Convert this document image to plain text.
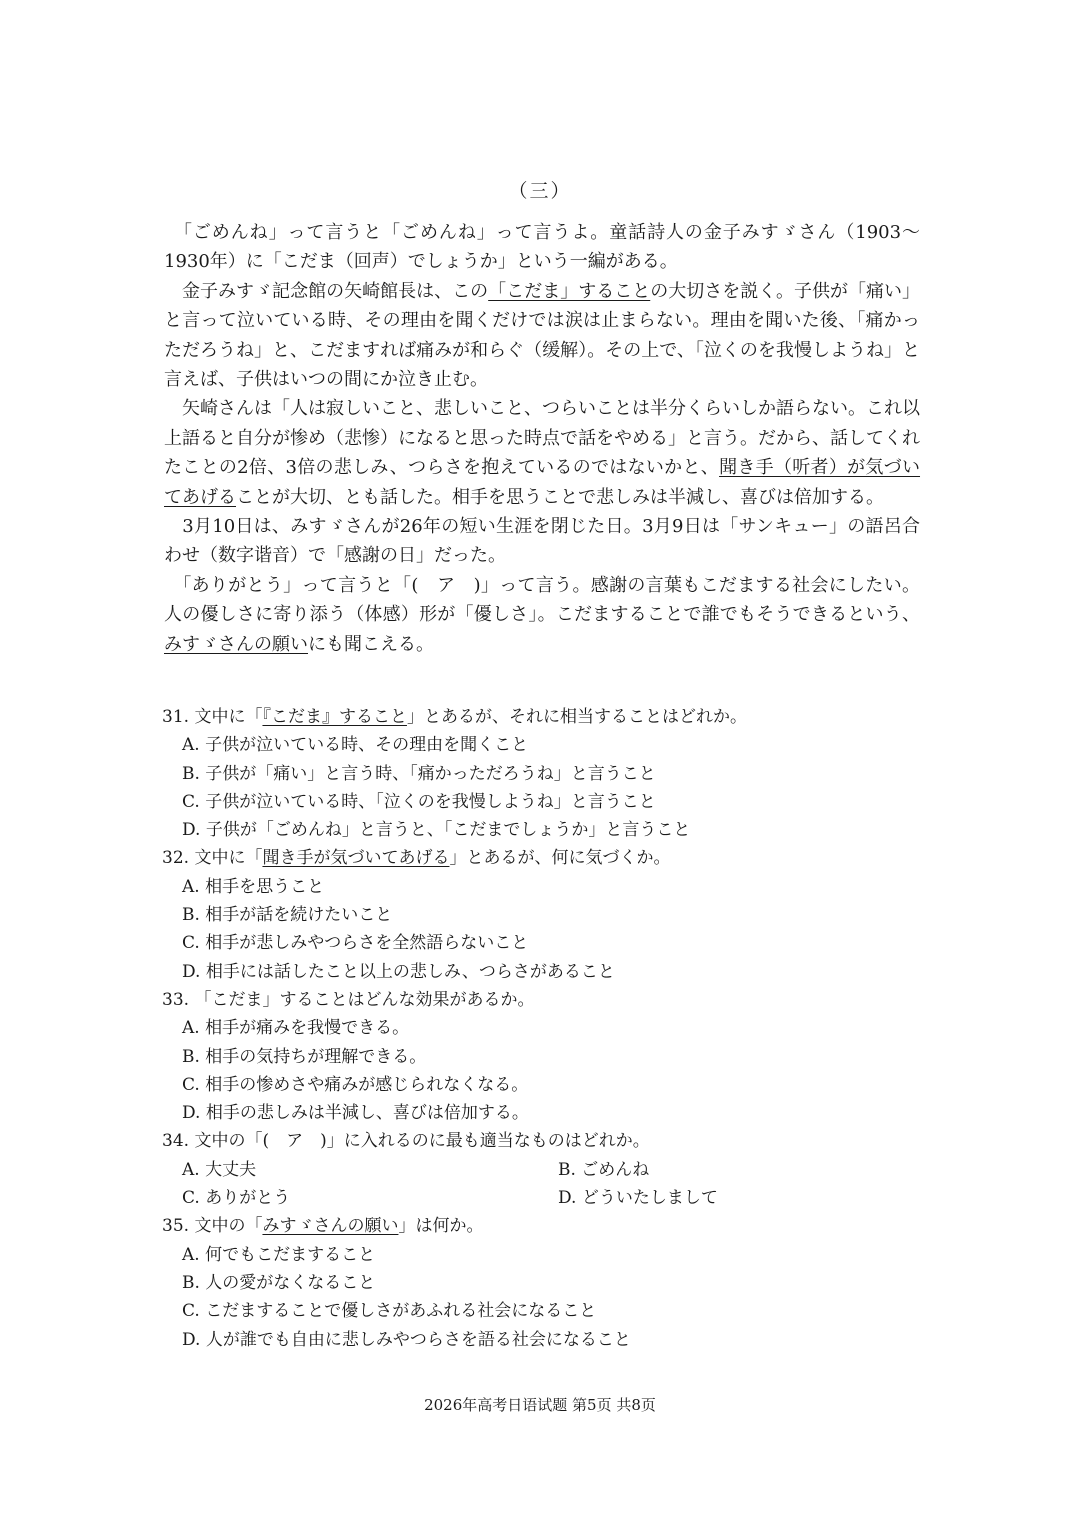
（三）

　「ごめんね」って言うと「ごめんね」って言うよ。童話詩人の金子みすゞさん（1903〜1930年）に「こだま（回声）でしょうか」という一編がある。

　金子みすゞ記念館の矢崎館長は、この「こだま」することの大切さを説く。子供が「痛い」と言って泣いている時、その理由を聞くだけでは涙は止まらない。理由を聞いた後、「痛かっただろうね」と、こだますれば痛みが和らぐ（缓解）。その上で、「泣くのを我慢しようね」と言えば、子供はいつの間にか泣き止む。

　矢崎さんは「人は寂しいこと、悲しいこと、つらいことは半分くらいしか語らない。これ以上語ると自分が惨め（悲惨）になると思った時点で話をやめる」と言う。だから、話してくれたことの2倍、3倍の悲しみ、つらさを抱えているのではないかと、聞き手（听者）が気づいてあげることが大切、とも話した。相手を思うことで悲しみは半減し、喜びは倍加する。

　3月10日は、みすゞさんが26年の短い生涯を閉じた日。3月9日は「サンキュー」の語呂合わせ（数字谐音）で「感謝の日」だった。

　「ありがとう」って言うと「(　ア　)」って言う。感謝の言葉もこだまする社会にしたい。人の優しさに寄り添う（体感）形が「優しさ」。こだますることで誰でもそうできるという、みすゞさんの願いにも聞こえる。

31. 文中に「『こだま』すること」とあるが、それに相当することはどれか。

A. 子供が泣いている時、その理由を聞くこと

B. 子供が「痛い」と言う時、「痛かっただろうね」と言うこと

C. 子供が泣いている時、「泣くのを我慢しようね」と言うこと

D. 子供が「ごめんね」と言うと、「こだまでしょうか」と言うこと

32. 文中に「聞き手が気づいてあげる」とあるが、何に気づくか。

A. 相手を思うこと

B. 相手が話を続けたいこと

C. 相手が悲しみやつらさを全然語らないこと

D. 相手には話したこと以上の悲しみ、つらさがあること

33. 「こだま」することはどんな効果があるか。

A. 相手が痛みを我慢できる。

B. 相手の気持ちが理解できる。

C. 相手の惨めさや痛みが感じられなくなる。

D. 相手の悲しみは半減し、喜びは倍加する。

34. 文中の「(　ア　)」に入れるのに最も適当なものはどれか。

A. 大丈夫	B. ごめんね
C. ありがとう	D. どういたしまして

35. 文中の「みすゞさんの願い」は何か。

A. 何でもこだますること

B. 人の愛がなくなること

C. こだますることで優しさがあふれる社会になること

D. 人が誰でも自由に悲しみやつらさを語る社会になること

2026年高考日语试题 第5页 共8页
